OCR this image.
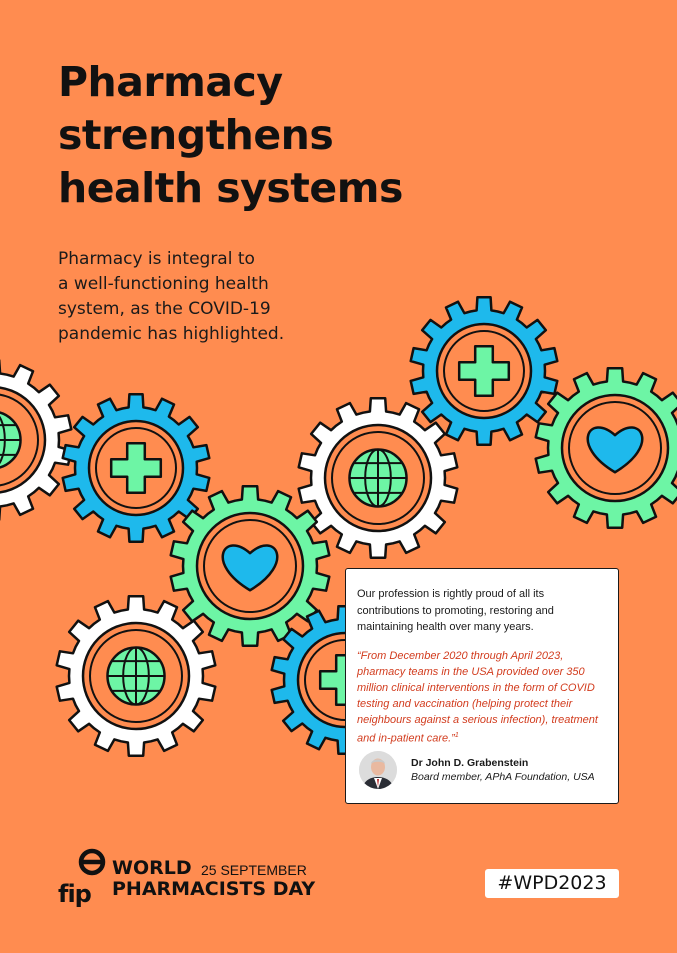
Pharmacy
strengthens
health systems

Pharmacy is integral to
a well-functioning health
system, as the COVID-19
pandemic has highlighted.

Our profession is rightly proud of all its contributions to promoting, restoring and maintaining health over many years.

“From December 2020 through April 2023, pharmacy teams in the USA provided over 350 million clinical interventions in the form of COVID testing and vaccination (helping protect their neighbours against a serious infection), treatment and in-patient care.”$^1$

Dr John D. Grabenstein
Board member, APhA Foundation, USA
fip
WORLD 25 SEPTEMBER
PHARMACISTS DAY	#WPD2023
